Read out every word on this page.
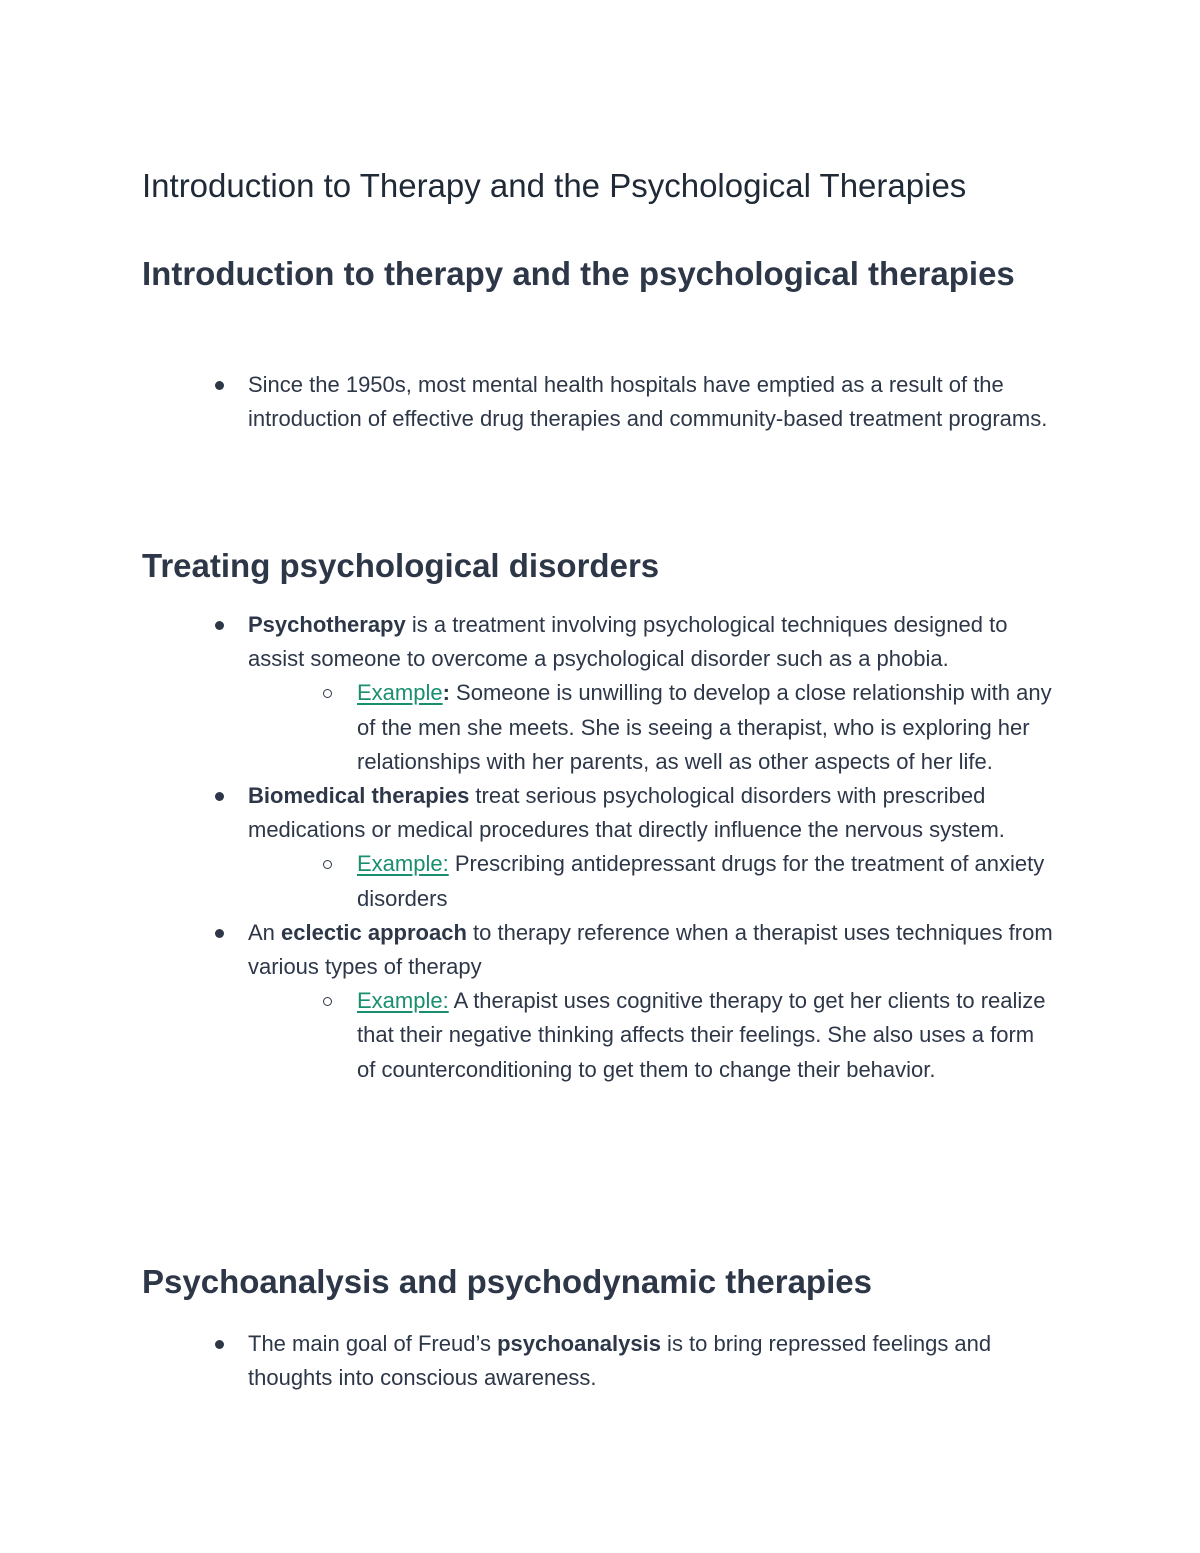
Introduction to Therapy and the Psychological Therapies
Introduction to therapy and the psychological therapies
Since the 1950s, most mental health hospitals have emptied as a result of the introduction of effective drug therapies and community-based treatment programs.
Treating psychological disorders
Psychotherapy is a treatment involving psychological techniques designed to assist someone to overcome a psychological disorder such as a phobia.
Example: Someone is unwilling to develop a close relationship with any of the men she meets. She is seeing a therapist, who is exploring her relationships with her parents, as well as other aspects of her life.
Biomedical therapies treat serious psychological disorders with prescribed medications or medical procedures that directly influence the nervous system.
Example: Prescribing antidepressant drugs for the treatment of anxiety disorders
An eclectic approach to therapy reference when a therapist uses techniques from various types of therapy
Example: A therapist uses cognitive therapy to get her clients to realize that their negative thinking affects their feelings. She also uses a form of counterconditioning to get them to change their behavior.
Psychoanalysis and psychodynamic therapies
The main goal of Freud’s psychoanalysis is to bring repressed feelings and thoughts into conscious awareness.
